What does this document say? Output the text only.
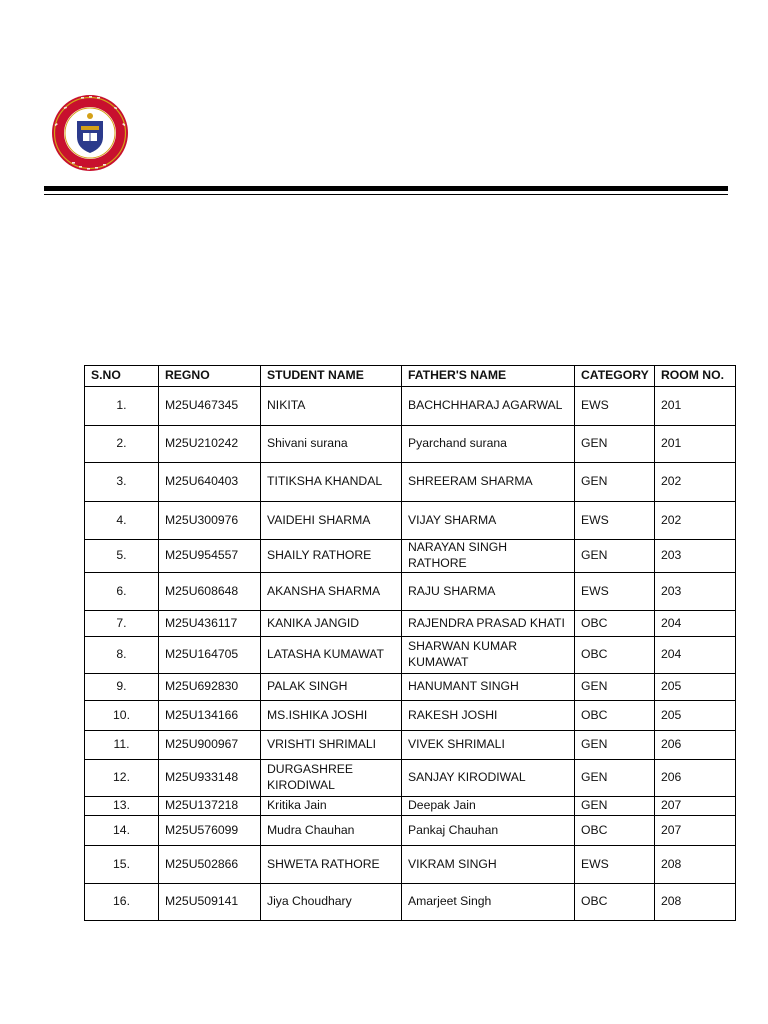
S.NO	REGNO	STUDENT NAME	FATHER'S NAME	CATEGORY	ROOM NO.
1.	M25U467345	NIKITA	BACHCHHARAJ AGARWAL	EWS	201
2.	M25U210242	Shivani surana	Pyarchand surana	GEN	201
3.	M25U640403	TITIKSHA KHANDAL	SHREERAM SHARMA	GEN	202
4.	M25U300976	VAIDEHI SHARMA	VIJAY SHARMA	EWS	202
5.	M25U954557	SHAILY RATHORE	NARAYAN SINGH RATHORE	GEN	203
6.	M25U608648	AKANSHA SHARMA	RAJU SHARMA	EWS	203
7.	M25U436117	KANIKA JANGID	RAJENDRA PRASAD KHATI	OBC	204
8.	M25U164705	LATASHA KUMAWAT	SHARWAN KUMAR KUMAWAT	OBC	204
9.	M25U692830	PALAK SINGH	HANUMANT SINGH	GEN	205
10.	M25U134166	MS.ISHIKA JOSHI	RAKESH JOSHI	OBC	205
11.	M25U900967	VRISHTI SHRIMALI	VIVEK SHRIMALI	GEN	206
12.	M25U933148	DURGASHREE KIRODIWAL	SANJAY KIRODIWAL	GEN	206
13.	M25U137218	Kritika Jain	Deepak Jain	GEN	207
14.	M25U576099	Mudra Chauhan	Pankaj Chauhan	OBC	207
15.	M25U502866	SHWETA RATHORE	VIKRAM SINGH	EWS	208
16.	M25U509141	Jiya Choudhary	Amarjeet Singh	OBC	208
